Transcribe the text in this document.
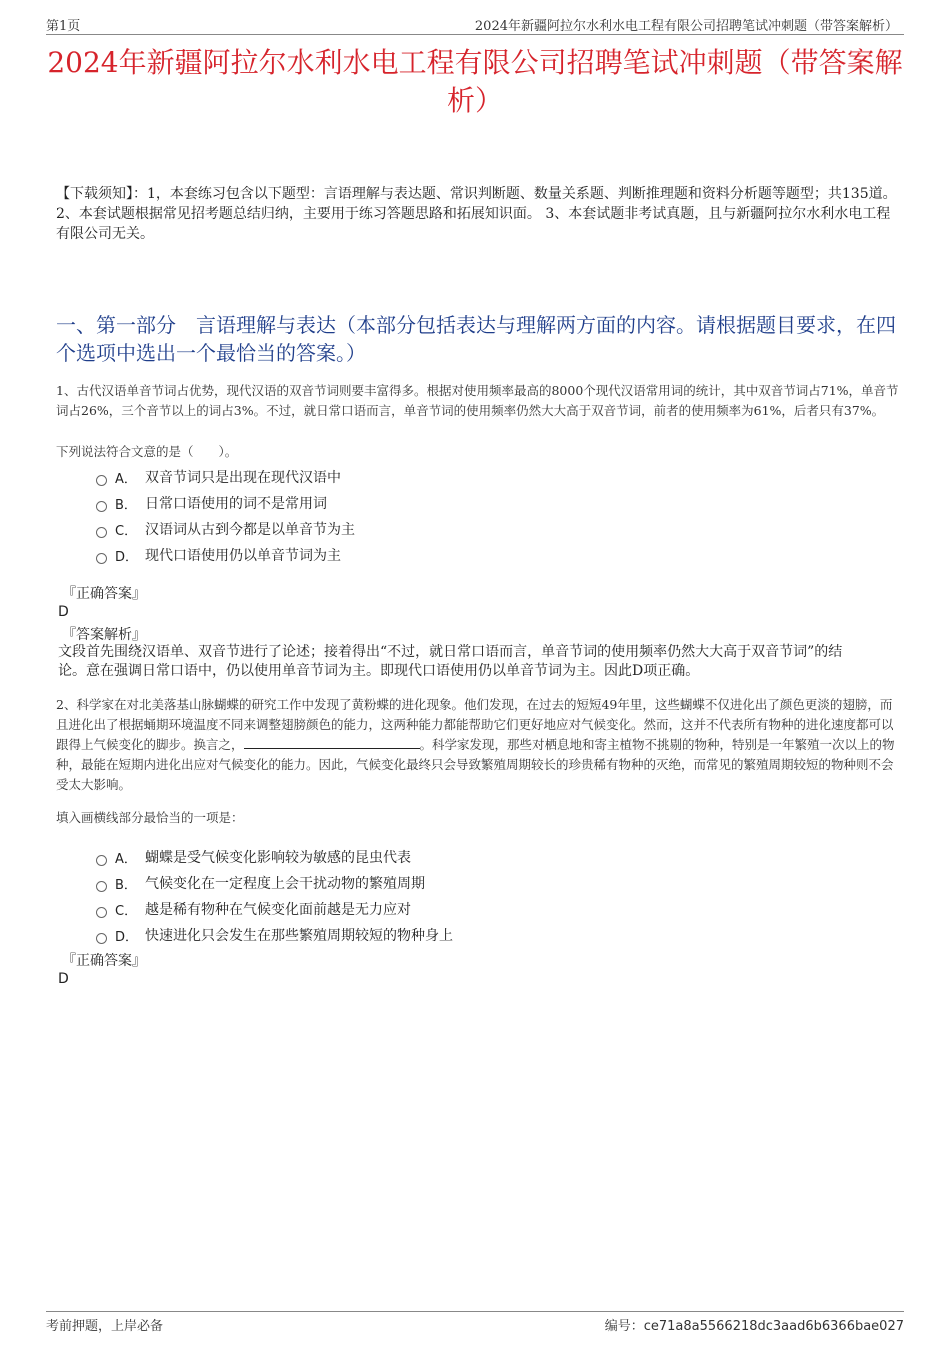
第1页	2024年新疆阿拉尔水利水电工程有限公司招聘笔试冲刺题（带答案解析）
2024年新疆阿拉尔水利水电工程有限公司招聘笔试冲刺题（带答案解析）
【下载须知】：1，本套练习包含以下题型：言语理解与表达题、常识判断题、数量关系题、判断推理题和资料分析题等题型；共135道。 2、本套试题根据常见招考题总结归纳，主要用于练习答题思路和拓展知识面。 3、本套试题非考试真题，且与新疆阿拉尔水利水电工程有限公司无关。
一、第一部分　言语理解与表达（本部分包括表达与理解两方面的内容。请根据题目要求，在四个选项中选出一个最恰当的答案。）
1、古代汉语单音节词占优势，现代汉语的双音节词则要丰富得多。根据对使用频率最高的8000个现代汉语常用词的统计，其中双音节词占71%，单音节词占26%，三个音节以上的词占3%。不过，就日常口语而言，单音节词的使用频率仍然大大高于双音节词，前者的使用频率为61%，后者只有37%。
下列说法符合文意的是（　　）。
A． 双音节词只是出现在现代汉语中
B． 日常口语使用的词不是常用词
C． 汉语词从古到今都是以单音节为主
D． 现代口语使用仍以单音节词为主
『正确答案』
D
『答案解析』
文段首先围绕汉语单、双音节进行了论述；接着得出“不过，就日常口语而言，单音节词的使用频率仍然大大高于双音节词”的结论。意在强调日常口语中，仍以使用单音节词为主。即现代口语使用仍以单音节词为主。因此D项正确。
2、科学家在对北美落基山脉蝴蝶的研究工作中发现了黄粉蝶的进化现象。他们发现，在过去的短短49年里，这些蝴蝶不仅进化出了颜色更淡的翅膀，而且进化出了根据蛹期环境温度不同来调整翅膀颜色的能力，这两种能力都能帮助它们更好地应对气候变化。然而，这并不代表所有物种的进化速度都可以跟得上气候变化的脚步。换言之，	。科学家发现，那些对栖息地和寄主植物不挑剔的物种，特别是一年繁殖一次以上的物种，最能在短期内进化出应对气候变化的能力。因此，气候变化最终只会导致繁殖周期较长的珍贵稀有物种的灭绝，而常见的繁殖周期较短的物种则不会受太大影响。
填入画横线部分最恰当的一项是：
A． 蝴蝶是受气候变化影响较为敏感的昆虫代表
B． 气候变化在一定程度上会干扰动物的繁殖周期
C． 越是稀有物种在气候变化面前越是无力应对
D． 快速进化只会发生在那些繁殖周期较短的物种身上
『正确答案』
D
考前押题，上岸必备	编号：ce71a8a5566218dc3aad6b6366bae027
